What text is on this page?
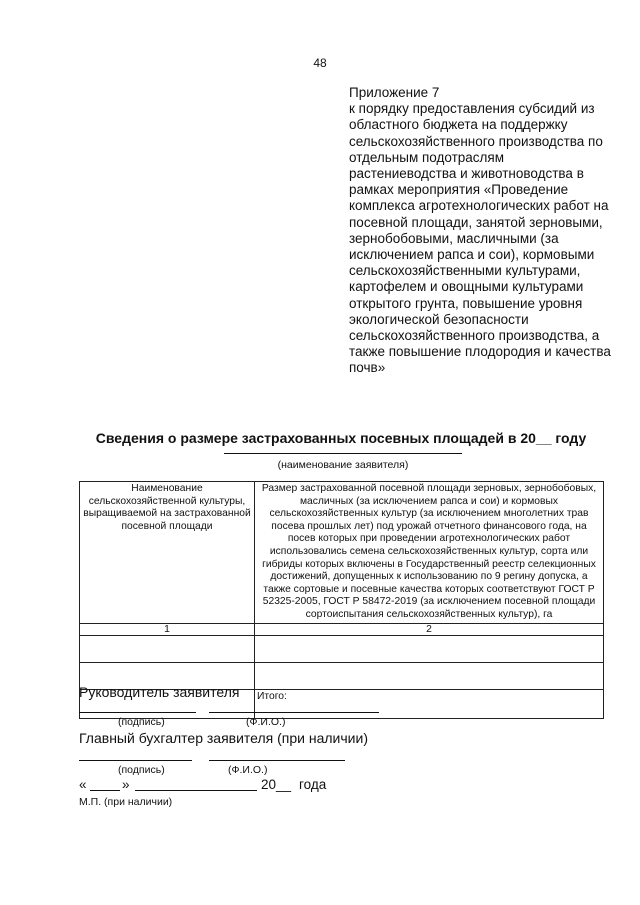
48
Приложение 7
к порядку предоставления субсидий из областного бюджета на поддержку сельскохозяйственного производства по отдельным подотраслям растениеводства и животноводства в рамках мероприятия «Проведение комплекса агротехнологических работ на посевной площади, занятой зерновыми, зернобобовыми, масличными (за исключением рапса и сои), кормовыми сельскохозяйственными культурами, картофелем и овощными культурами открытого грунта, повышение уровня экологической безопасности сельскохозяйственного производства, а также повышение плодородия и качества почв»
Сведения о размере застрахованных посевных площадей в 20__ году
(наименование заявителя)
Наименование сельскохозяйственной культуры, выращиваемой на застрахованной посевной площади	Размер застрахованной посевной площади зерновых, зернобобовых, масличных (за исключением рапса и сои) и кормовых сельскохозяйственных культур (за исключением многолетних трав посева прошлых лет) под урожай отчетного финансового года, на посев которых при проведении агротехнологических работ использовались семена сельскохозяйственных культур, сорта или гибриды которых включены в Государственный реестр селекционных достижений, допущенных к использованию по 9 регину допуска, а также сортовые и посевные качества которых соответствуют ГОСТ Р 52325-2005, ГОСТ Р 58472-2019 (за исключением посевной площади сортоиспытания сельскохозяйственных культур), га
1	2

	Итого:
Руководитель заявителя
(подпись)	(Ф.И.О.)
Главный бухгалтер заявителя (при наличии)
(подпись)	(Ф.И.О.)
«	»	20__ года
М.П. (при наличии)
